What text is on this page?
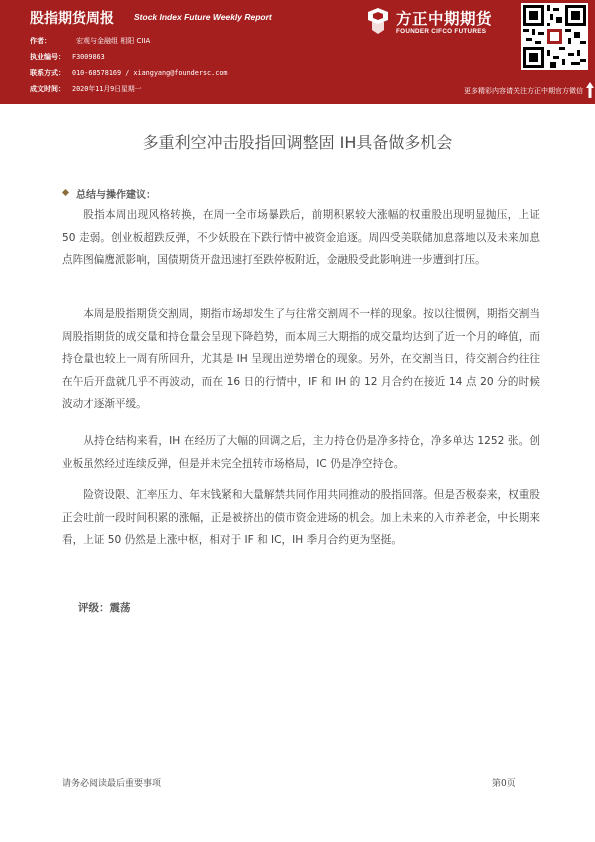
股指期货周报 Stock Index Future Weekly Report
作者：	宏观与金融组 相阳 CIIA
执业编号： F3009863
联系方式： 010-68578169 / xiangyang@foundersc.com
成文时间： 2020年11月9日星期一
方正中期期货
FOUNDER CIFCO FUTURES
更多精彩内容请关注方正中期官方微信
多重利空冲击股指回调整固 IH具备做多机会
总结与操作建议：
股指本周出现风格转换，在周一全市场暴跌后，前期积累较大涨幅的权重股出现明显抛压，上证 50 走弱。创业板超跌反弹，不少妖股在下跌行情中被资金追逐。周四受美联储加息落地以及未来加息点阵图偏鹰派影响，国债期货开盘迅速打至跌停板附近，金融股受此影响进一步遭到打压。
本周是股指期货交割周，期指市场却发生了与往常交割周不一样的现象。按以往惯例，期指交割当周股指期货的成交量和持仓量会呈现下降趋势，而本周三大期指的成交量均达到了近一个月的峰值，而持仓量也较上一周有所回升，尤其是 IH 呈现出逆势增仓的现象。另外，在交割当日，待交割合约往往在午后开盘就几乎不再波动，而在 16 日的行情中，IF 和 IH 的 12 月合约在接近 14 点 20 分的时候波动才逐渐平缓。
从持仓结构来看，IH 在经历了大幅的回调之后，主力持仓仍是净多持仓，净多单达 1252 张。创业板虽然经过连续反弹，但是并未完全扭转市场格局，IC 仍是净空持仓。
险资设限、汇率压力、年末钱紧和大量解禁共同作用共同推动的股指回落。但是否极泰来，权重股正会吐前一段时间积累的涨幅，正是被挤出的债市资金进场的机会。加上未来的入市养老金，中长期来看，上证 50 仍然是上涨中枢，相对于 IF 和 IC，IH 季月合约更为坚挺。
评级：震荡
请务必阅读最后重要事项	第0页
